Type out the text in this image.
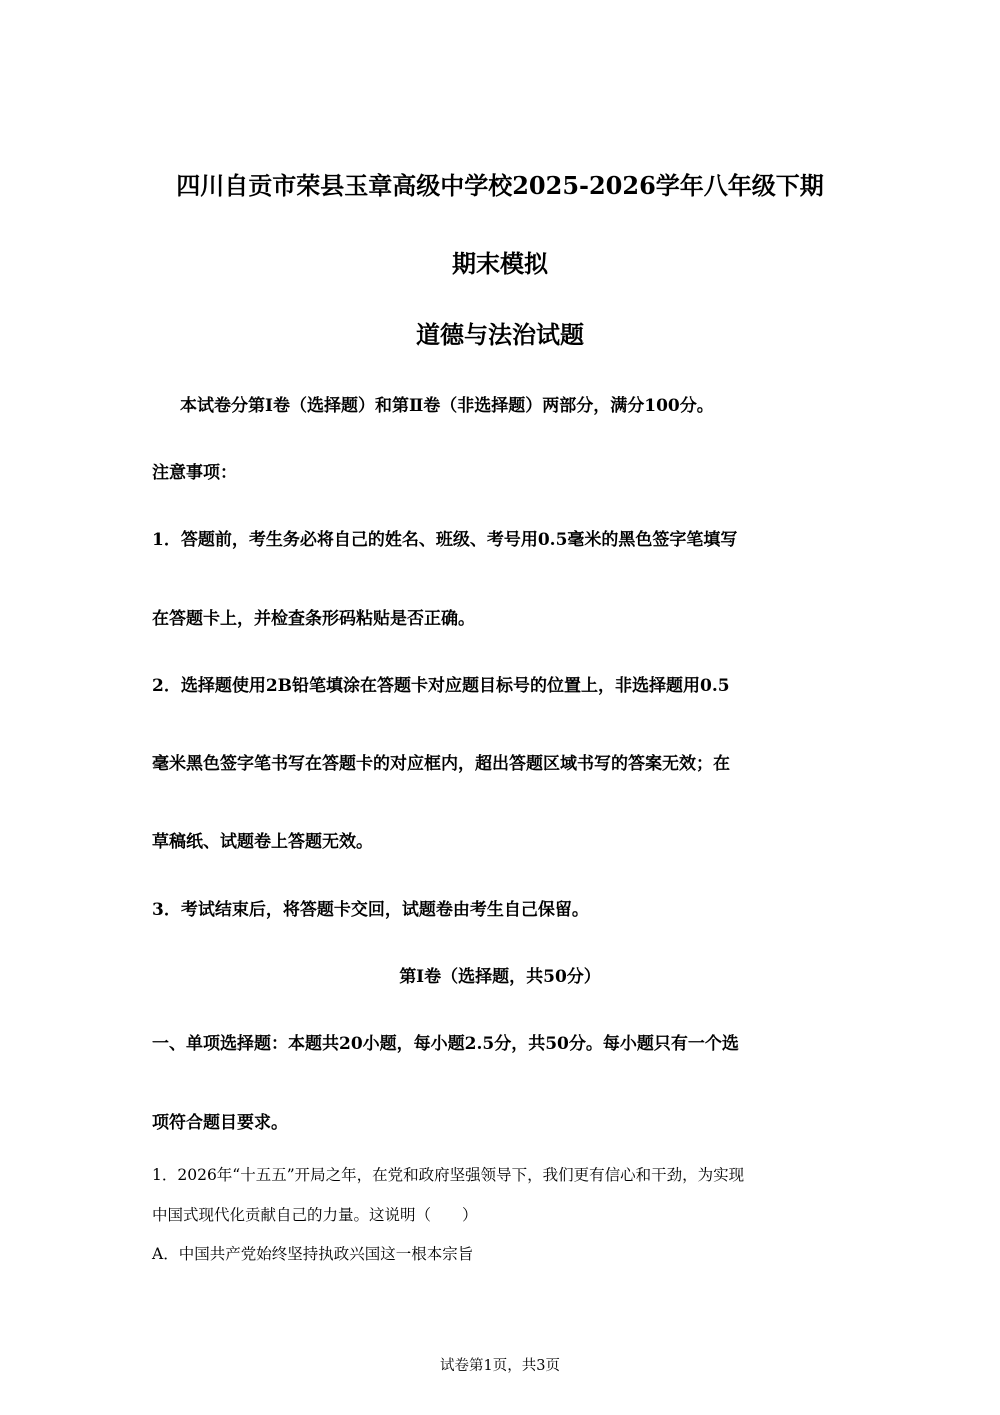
四川自贡市荣县玉章高级中学校2025-2026学年八年级下期
期末模拟
道德与法治试题
本试卷分第Ⅰ卷（选择题）和第Ⅱ卷（非选择题）两部分，满分100分。
注意事项：
1．答题前，考生务必将自己的姓名、班级、考号用0.5毫米的黑色签字笔填写
在答题卡上，并检查条形码粘贴是否正确。
2．选择题使用2B铅笔填涂在答题卡对应题目标号的位置上，非选择题用0.5
毫米黑色签字笔书写在答题卡的对应框内，超出答题区域书写的答案无效；在
草稿纸、试题卷上答题无效。
3．考试结束后，将答题卡交回，试题卷由考生自己保留。
第Ⅰ卷（选择题，共50分）
一、单项选择题：本题共20小题，每小题2.5分，共50分。每小题只有一个选
项符合题目要求。
1．2026年“十五五”开局之年，在党和政府坚强领导下，我们更有信心和干劲，为实现
中国式现代化贡献自己的力量。这说明（　　）
A．中国共产党始终坚持执政兴国这一根本宗旨
试卷第1页，共3页
